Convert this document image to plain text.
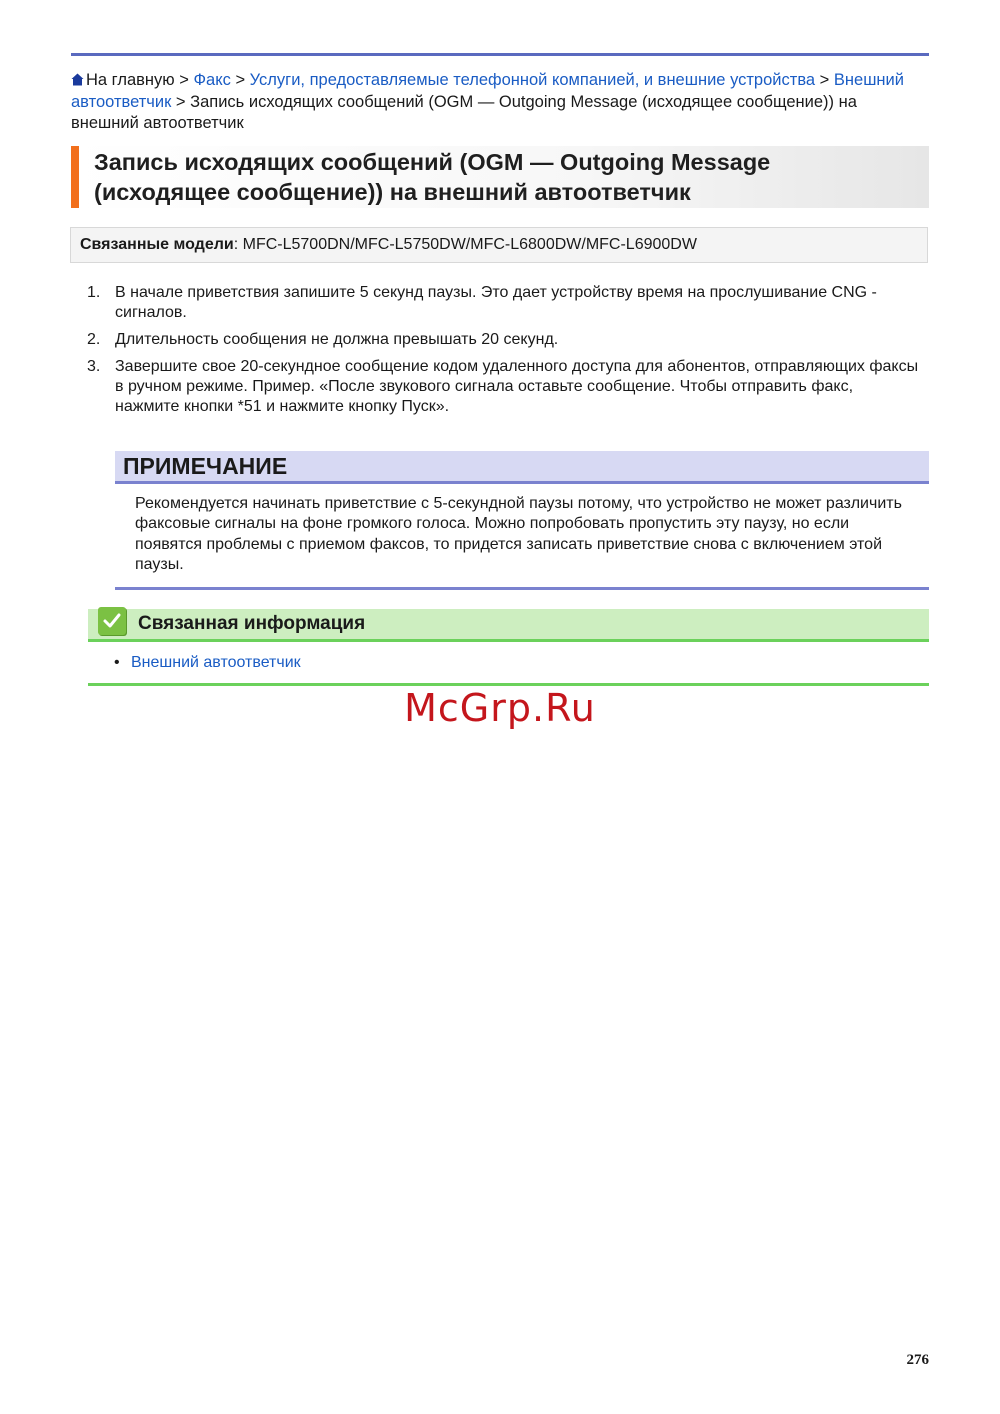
На главную > Факс > Услуги, предоставляемые телефонной компанией, и внешние устройства > Внешний автоответчик > Запись исходящих сообщений (OGM — Outgoing Message (исходящее сообщение)) на внешний автоответчик
Запись исходящих сообщений (OGM — Outgoing Message
(исходящее сообщение)) на внешний автоответчик
Связанные модели: MFC-L5700DN/MFC-L5750DW/MFC-L6800DW/MFC-L6900DW
1. В начале приветствия запишите 5 секунд паузы. Это дает устройству время на прослушивание CNG - сигналов.
2. Длительность сообщения не должна превышать 20 секунд.
3. Завершите свое 20-секундное сообщение кодом удаленного доступа для абонентов, отправляющих факсы в ручном режиме. Пример. «После звукового сигнала оставьте сообщение. Чтобы отправить факс, нажмите кнопки *51 и нажмите кнопку Пуск».
ПРИМЕЧАНИЕ
Рекомендуется начинать приветствие с 5-секундной паузы потому, что устройство не может различить факсовые сигналы на фоне громкого голоса. Можно попробовать пропустить эту паузу, но если появятся проблемы с приемом факсов, то придется записать приветствие снова с включением этой паузы.
Связанная информация
• Внешний автоответчик
McGrp.Ru
276
